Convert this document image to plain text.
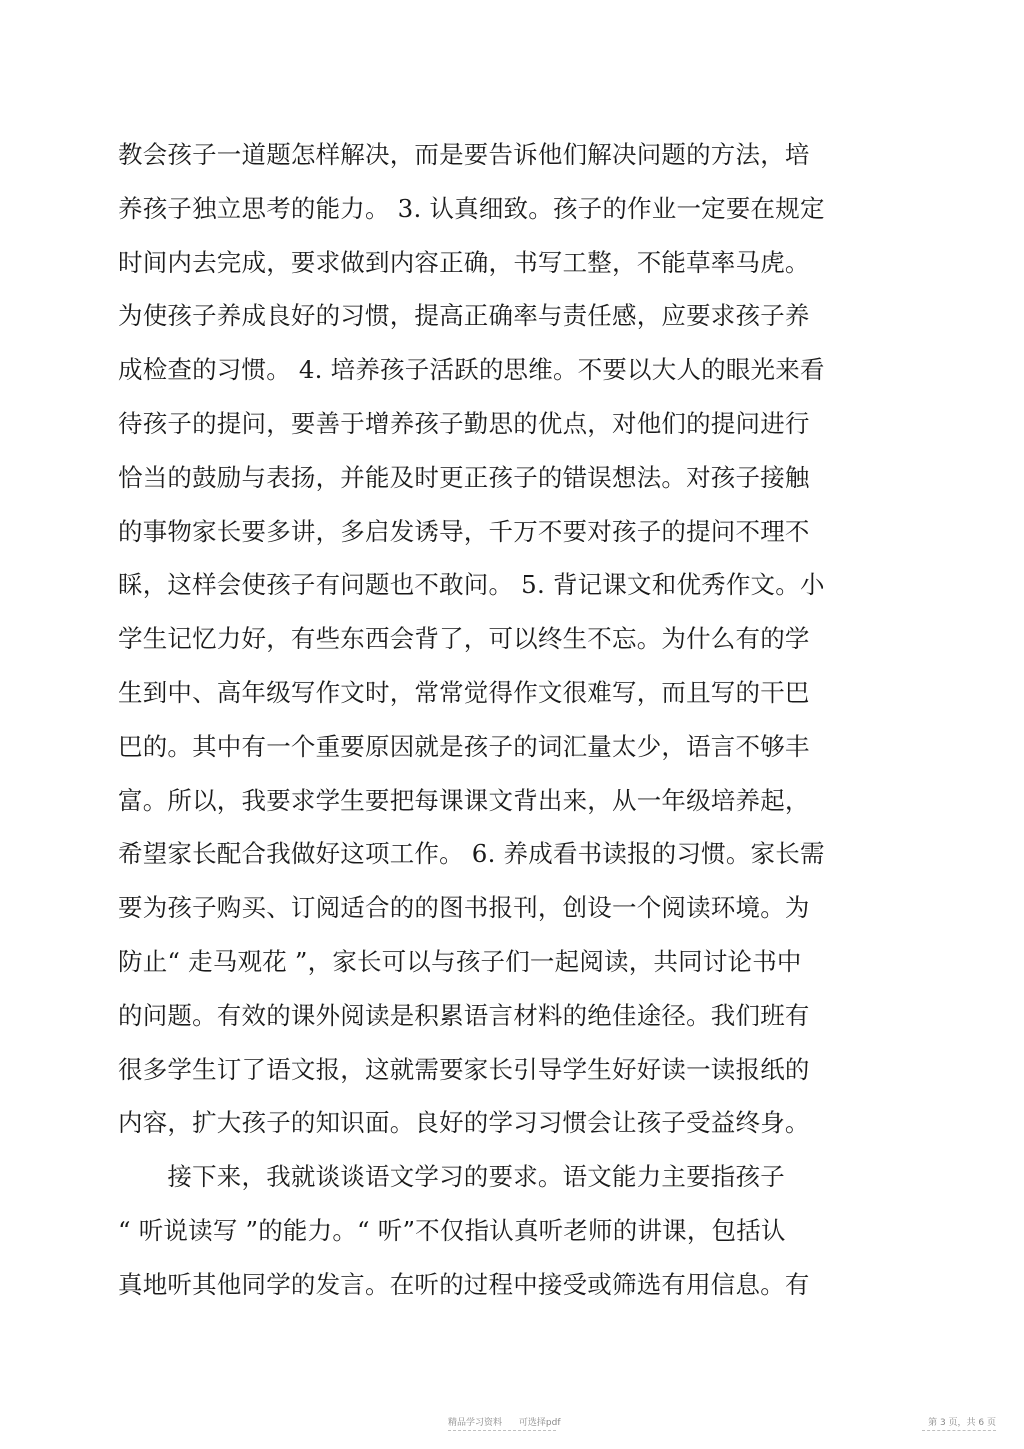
教会孩子一道题怎样解决，而是要告诉他们解决问题的方法，培
养孩子独立思考的能力。 3. 认真细致。孩子的作业一定要在规定
时间内去完成，要求做到内容正确，书写工整，不能草率马虎。
为使孩子养成良好的习惯，提高正确率与责任感，应要求孩子养
成检查的习惯。 4. 培养孩子活跃的思维。不要以大人的眼光来看
待孩子的提问，要善于增养孩子勤思的优点，对他们的提问进行
恰当的鼓励与表扬，并能及时更正孩子的错误想法。对孩子接触
的事物家长要多讲，多启发诱导，千万不要对孩子的提问不理不
睬，这样会使孩子有问题也不敢问。 5. 背记课文和优秀作文。小
学生记忆力好，有些东西会背了，可以终生不忘。为什么有的学
生到中、高年级写作文时，常常觉得作文很难写，而且写的干巴
巴的。其中有一个重要原因就是孩子的词汇量太少，语言不够丰
富。所以，我要求学生要把每课课文背出来，从一年级培养起，
希望家长配合我做好这项工作。 6. 养成看书读报的习惯。家长需
要为孩子购买、订阅适合的的图书报刊，创设一个阅读环境。为
防止“ 走马观花 ”，家长可以与孩子们一起阅读，共同讨论书中
的问题。有效的课外阅读是积累语言材料的绝佳途径。我们班有
很多学生订了语文报，这就需要家长引导学生好好读一读报纸的
内容，扩大孩子的知识面。良好的学习习惯会让孩子受益终身。
　　接下来，我就谈谈语文学习的要求。语文能力主要指孩子
“ 听说读写 ”的能力。“ 听”不仅指认真听老师的讲课，包括认
真地听其他同学的发言。在听的过程中接受或筛选有用信息。有
精品学习资料 可选择pdf	第 3 页，共 6 页
